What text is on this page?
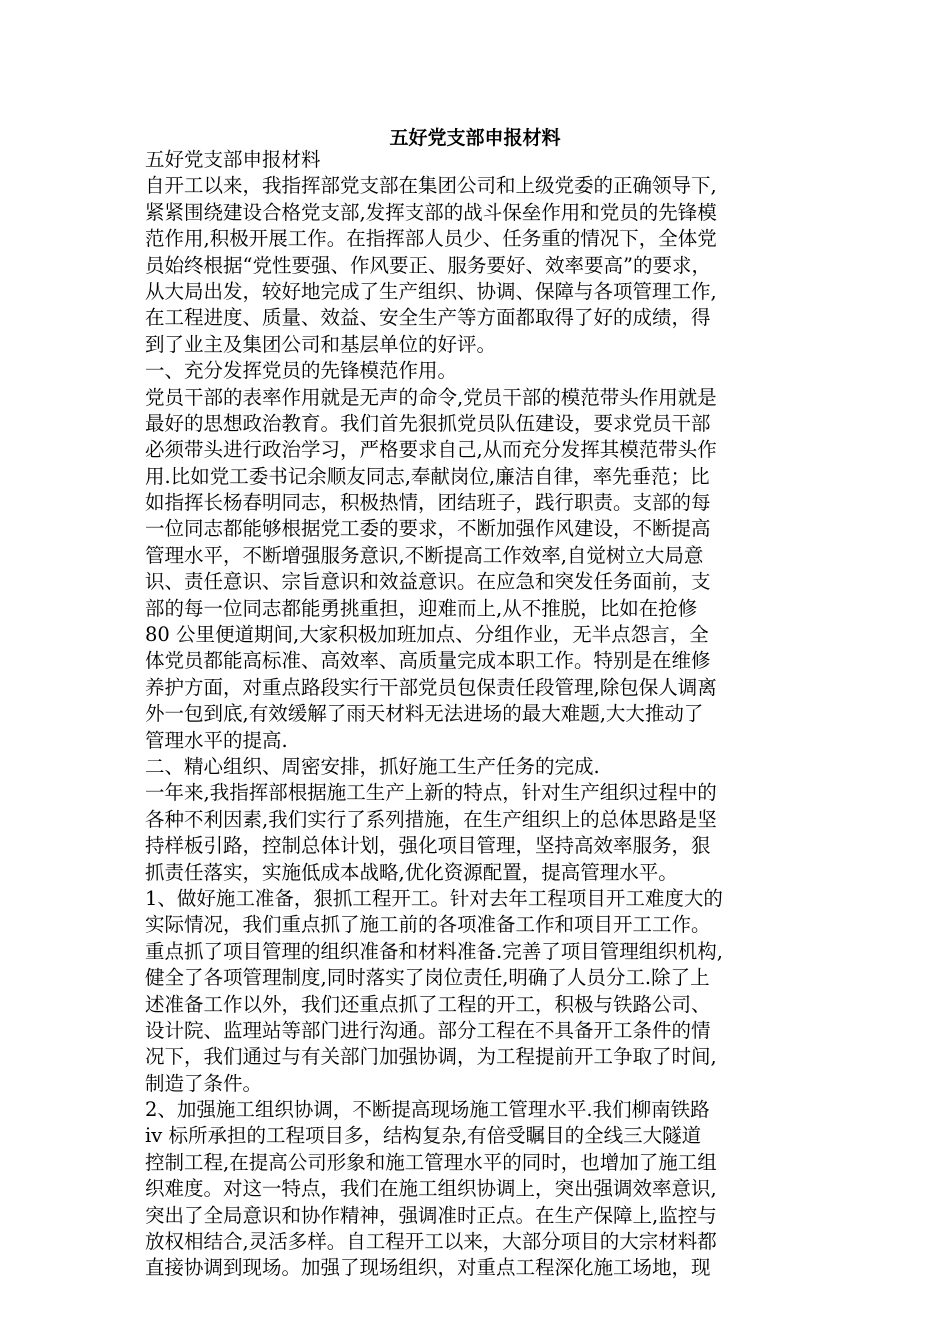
五好党支部申报材料
五好党支部申报材料
自开工以来，我指挥部党支部在集团公司和上级党委的正确领导下,
紧紧围绕建设合格党支部,发挥支部的战斗保垒作用和党员的先锋模
范作用,积极开展工作。在指挥部人员少、任务重的情况下，全体党
员始终根据“党性要强、作风要正、服务要好、效率要高”的要求，
从大局出发，较好地完成了生产组织、协调、保障与各项管理工作,
在工程进度、质量、效益、安全生产等方面都取得了好的成绩，得
到了业主及集团公司和基层单位的好评。
一、充分发挥党员的先锋模范作用。
党员干部的表率作用就是无声的命令,党员干部的模范带头作用就是
最好的思想政治教育。我们首先狠抓党员队伍建设，要求党员干部
必须带头进行政治学习，严格要求自己,从而充分发挥其模范带头作
用.比如党工委书记余顺友同志,奉献岗位,廉洁自律，率先垂范；比
如指挥长杨春明同志，积极热情，团结班子，践行职责。支部的每
一位同志都能够根据党工委的要求，不断加强作风建设，不断提高
管理水平，不断增强服务意识,不断提高工作效率,自觉树立大局意
识、责任意识、宗旨意识和效益意识。在应急和突发任务面前，支
部的每一位同志都能勇挑重担，迎难而上,从不推脱，比如在抢修
80 公里便道期间,大家积极加班加点、分组作业，无半点怨言，全
体党员都能高标准、高效率、高质量完成本职工作。特别是在维修
养护方面，对重点路段实行干部党员包保责任段管理,除包保人调离
外一包到底,有效缓解了雨天材料无法进场的最大难题,大大推动了
管理水平的提高.
二、精心组织、周密安排，抓好施工生产任务的完成.
一年来,我指挥部根据施工生产上新的特点，针对生产组织过程中的
各种不利因素,我们实行了系列措施，在生产组织上的总体思路是坚
持样板引路，控制总体计划，强化项目管理，坚持高效率服务，狠
抓责任落实，实施低成本战略,优化资源配置，提高管理水平。
1、做好施工准备，狠抓工程开工。针对去年工程项目开工难度大的
实际情况，我们重点抓了施工前的各项准备工作和项目开工工作。
重点抓了项目管理的组织准备和材料准备.完善了项目管理组织机构,
健全了各项管理制度,同时落实了岗位责任,明确了人员分工.除了上
述准备工作以外，我们还重点抓了工程的开工，积极与铁路公司、
设计院、监理站等部门进行沟通。部分工程在不具备开工条件的情
况下，我们通过与有关部门加强协调，为工程提前开工争取了时间,
制造了条件。
2、加强施工组织协调，不断提高现场施工管理水平.我们柳南铁路
iv 标所承担的工程项目多，结构复杂,有倍受瞩目的全线三大隧道
控制工程,在提高公司形象和施工管理水平的同时，也增加了施工组
织难度。对这一特点，我们在施工组织协调上，突出强调效率意识,
突出了全局意识和协作精神，强调准时正点。在生产保障上,监控与
放权相结合,灵活多样。自工程开工以来，大部分项目的大宗材料都
直接协调到现场。加强了现场组织，对重点工程深化施工场地，现
